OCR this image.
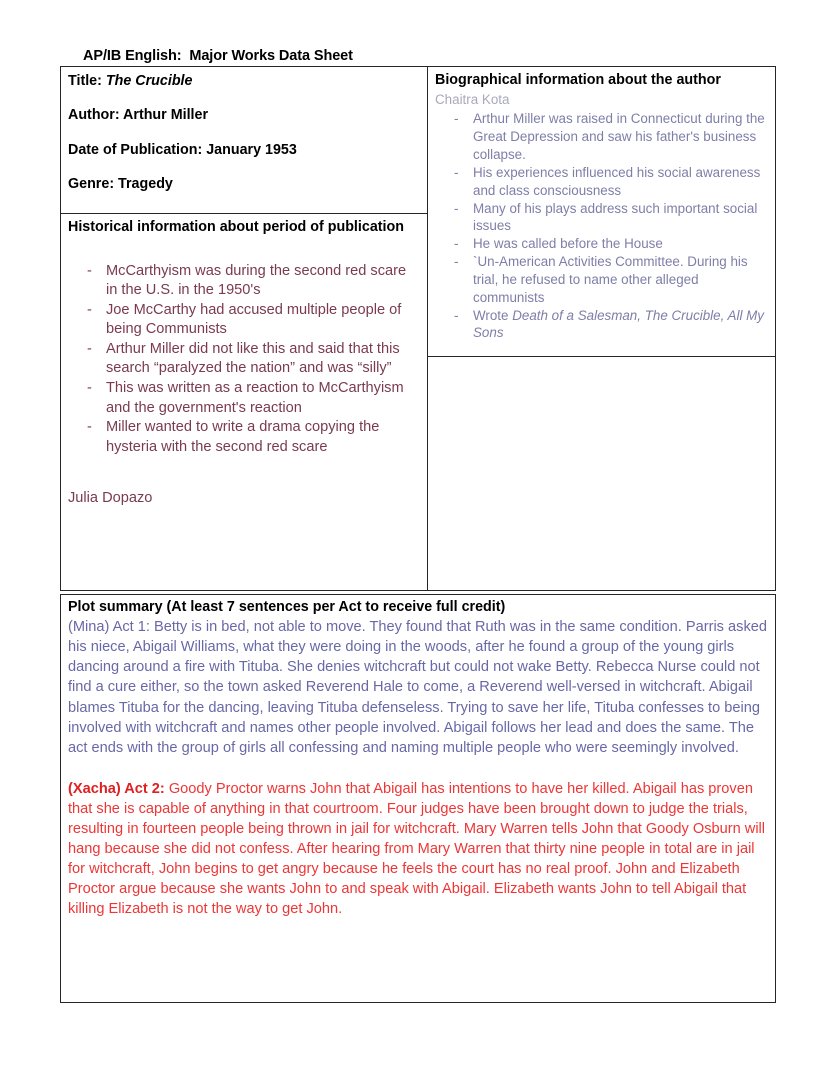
AP/IB English:  Major Works Data Sheet
Title: The Crucible
Author: Arthur Miller
Date of Publication: January 1953
Genre: Tragedy
Historical information about period of publication
- McCarthyism was during the second red scare in the U.S. in the 1950's
- Joe McCarthy had accused multiple people of being Communists
- Arthur Miller did not like this and said that this search “paralyzed the nation” and was “silly”
- This was written as a reaction to McCarthyism and the government's reaction
- Miller wanted to write a drama copying the hysteria with the second red scare
Julia Dopazo
Biographical information about the author
Chaitra Kota
- Arthur Miller was raised in Connecticut during the Great Depression and saw his father's business collapse.
- His experiences influenced his social awareness and class consciousness
- Many of his plays address such important social issues
- He was called before the House
- `Un-American Activities Committee. During his trial, he refused to name other alleged communists
- Wrote Death of a Salesman, The Crucible, All My Sons
Plot summary (At least 7 sentences per Act to receive full credit)
(Mina) Act 1: Betty is in bed, not able to move. They found that Ruth was in the same condition. Parris asked his niece, Abigail Williams, what they were doing in the woods, after he found a group of the young girls dancing around a fire with Tituba. She denies witchcraft but could not wake Betty. Rebecca Nurse could not find a cure either, so the town asked Reverend Hale to come, a Reverend well-versed in witchcraft. Abigail blames Tituba for the dancing, leaving Tituba defenseless. Trying to save her life, Tituba confesses to being involved with witchcraft and names other people involved. Abigail follows her lead and does the same. The act ends with the group of girls all confessing and naming multiple people who were seemingly involved.
(Xacha) Act 2: Goody Proctor warns John that Abigail has intentions to have her killed. Abigail has proven that she is capable of anything in that courtroom. Four judges have been brought down to judge the trials, resulting in fourteen people being thrown in jail for witchcraft. Mary Warren tells John that Goody Osburn will hang because she did not confess. After hearing from Mary Warren that thirty nine people in total are in jail for witchcraft, John begins to get angry because he feels the court has no real proof. John and Elizabeth Proctor argue because she wants John to and speak with Abigail. Elizabeth wants John to tell Abigail that killing Elizabeth is not the way to get John.
